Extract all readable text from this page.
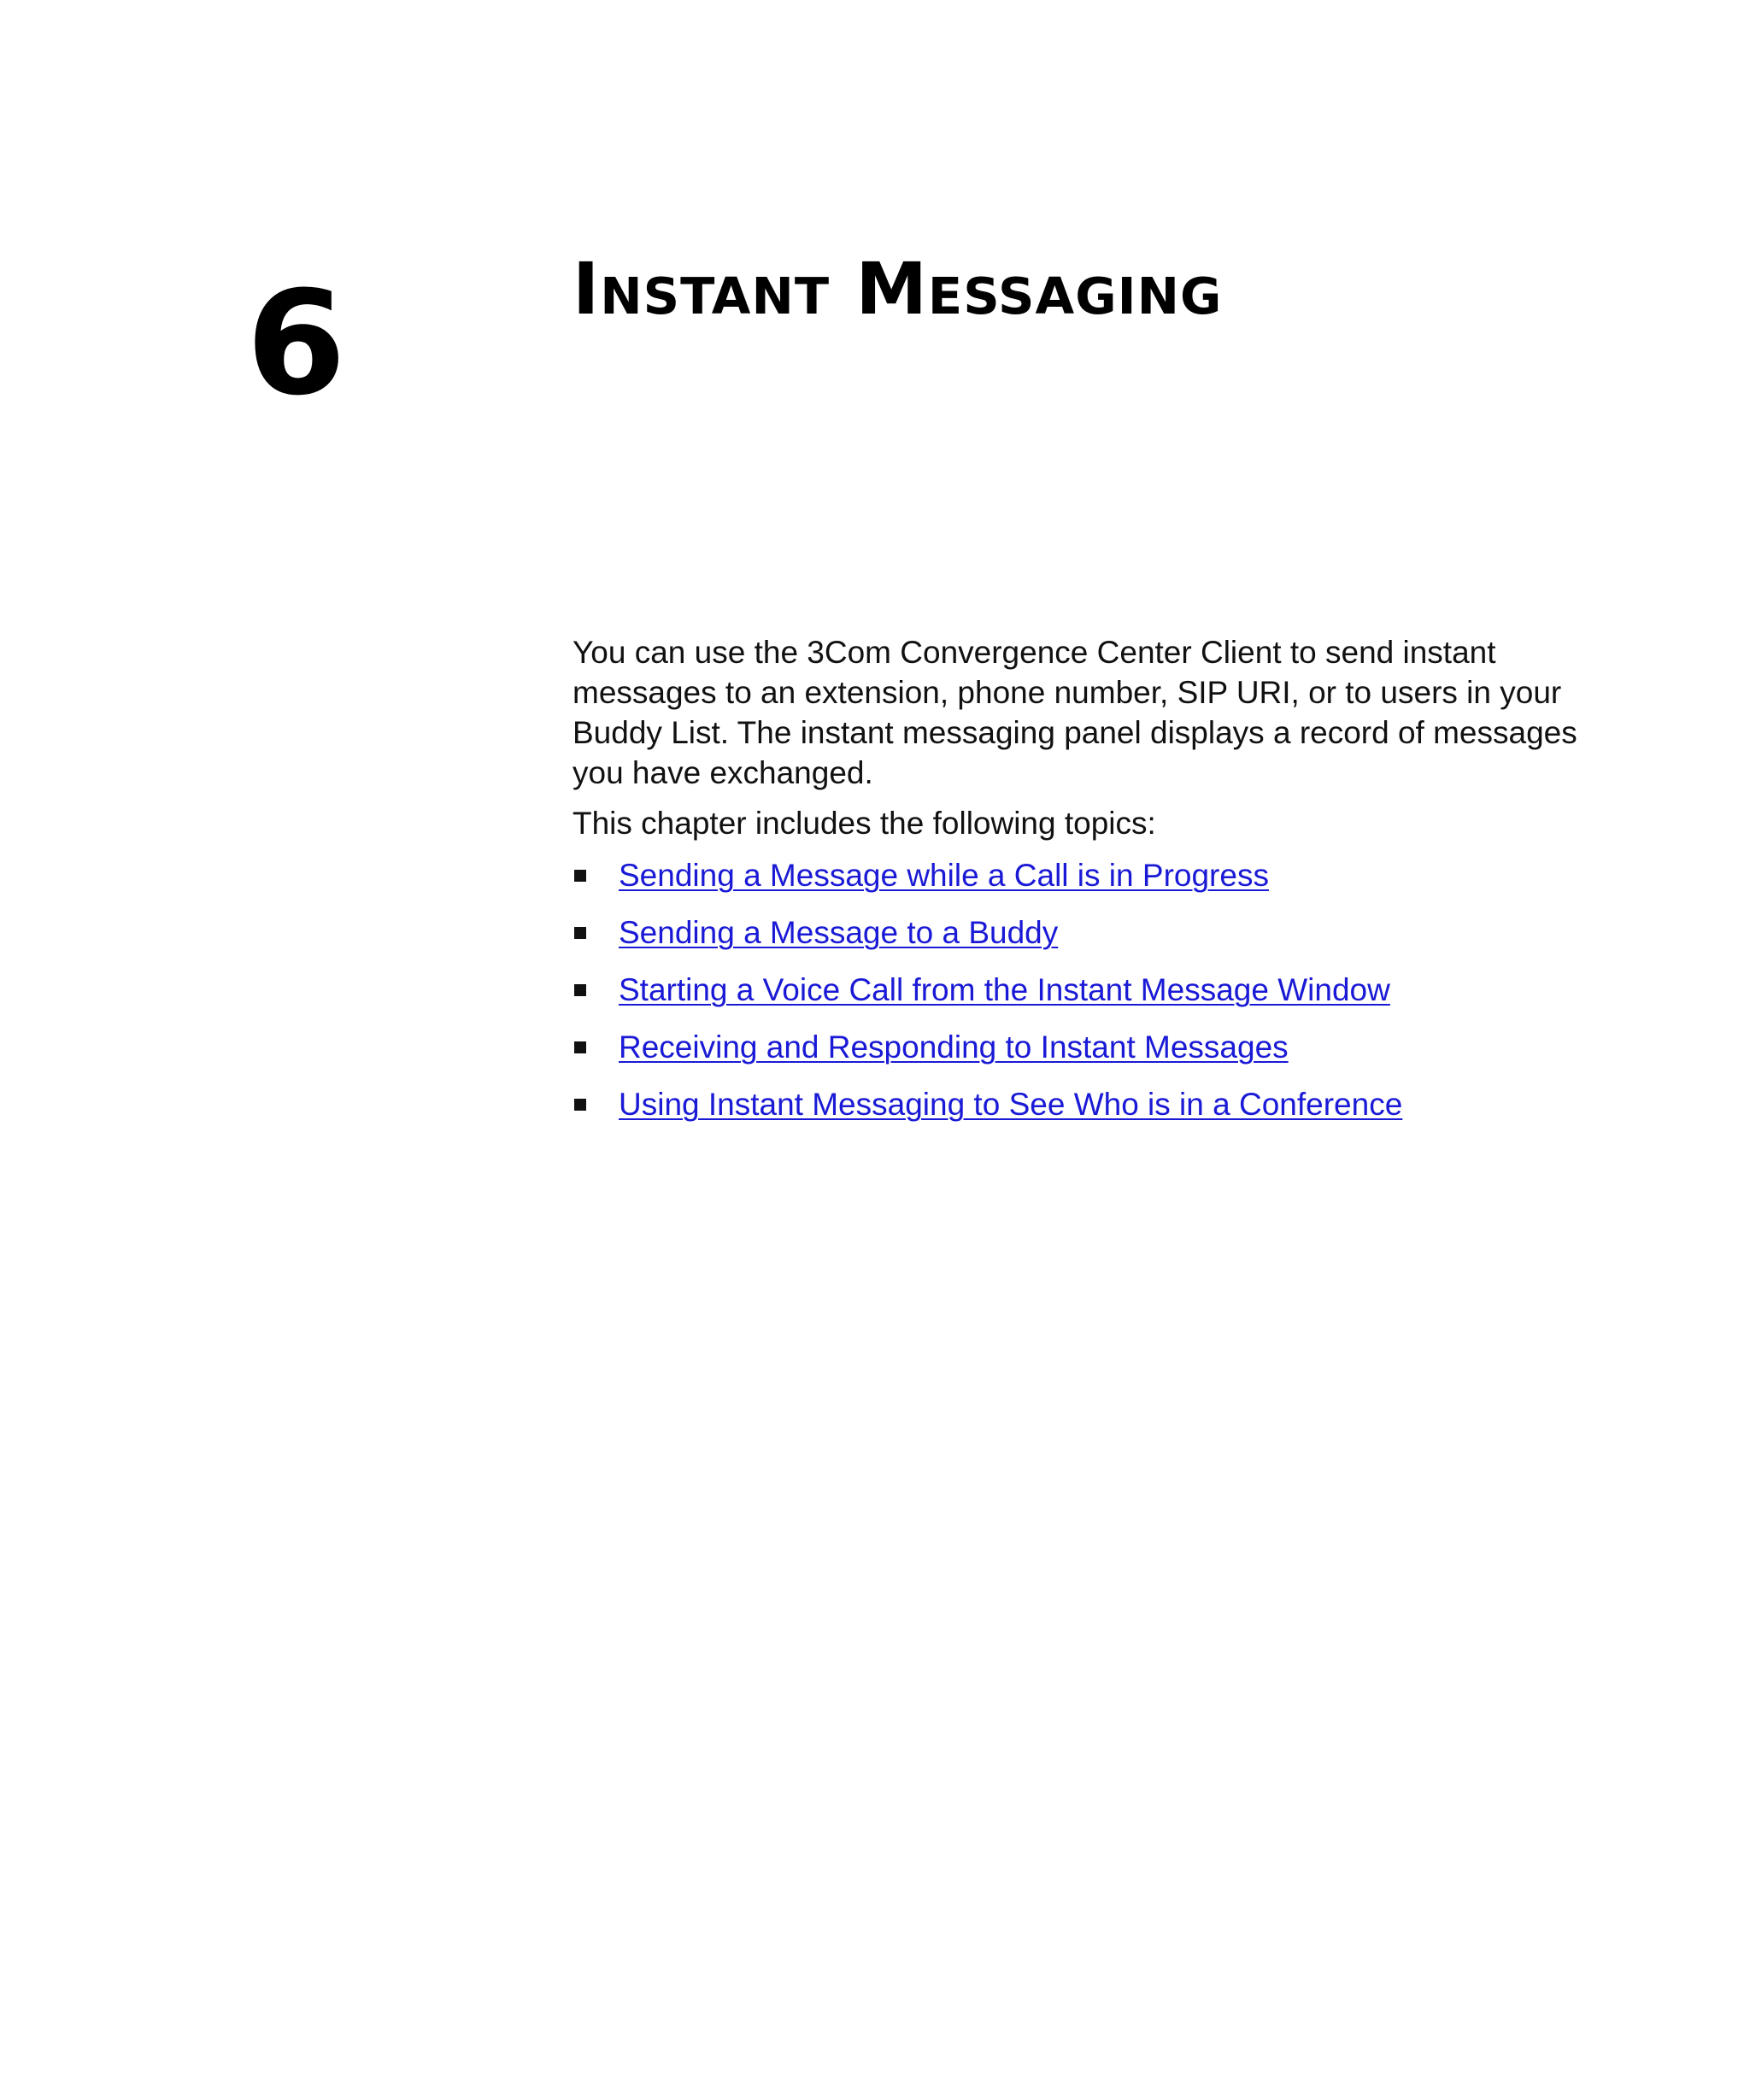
6	Instant Messaging

You can use the 3Com Convergence Center Client to send instant messages to an extension, phone number, SIP URI, or to users in your Buddy List. The instant messaging panel displays a record of messages you have exchanged.

This chapter includes the following topics:

Sending a Message while a Call is in Progress
Sending a Message to a Buddy
Starting a Voice Call from the Instant Message Window
Receiving and Responding to Instant Messages
Using Instant Messaging to See Who is in a Conference
